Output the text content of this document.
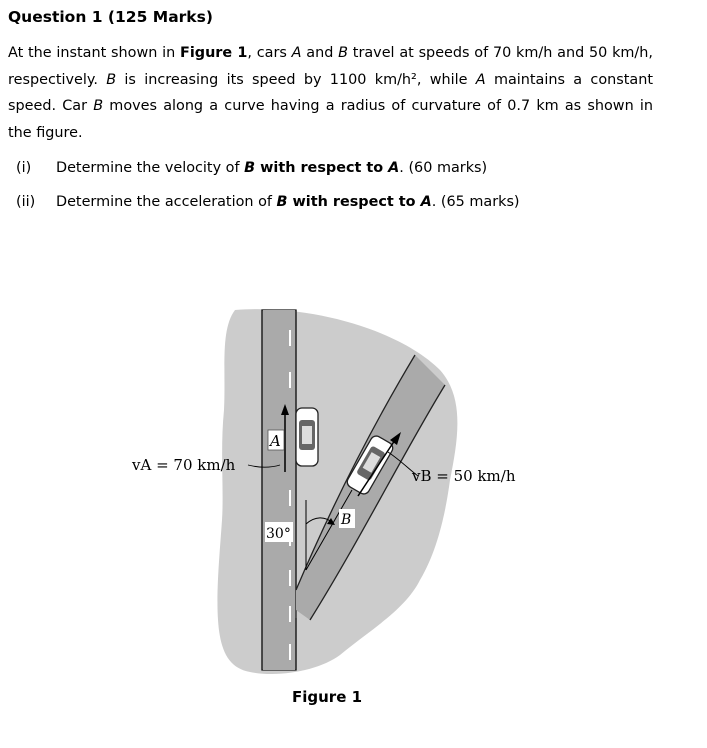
Question 1 (125 Marks)
At the instant shown in Figure 1, cars A and B travel at speeds of 70 km/h and 50 km/h, respectively. B is increasing its speed by 1100 km/h², while A maintains a constant speed. Car B moves along a curve having a radius of curvature of 0.7 km as shown in the figure.
(i) Determine the velocity of B with respect to A. (60 marks)
(ii) Determine the acceleration of B with respect to A. (65 marks)
A
vA = 70 km/h
vB = 50 km/h
30°
B
Figure 1
